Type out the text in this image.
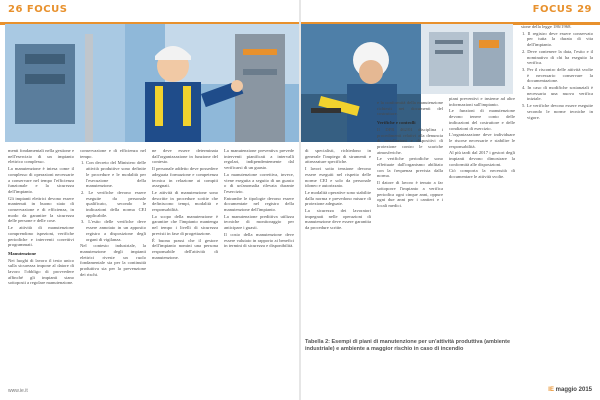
26 FOCUS	FOCUS 29

menti fondamentali nella gestione e nell'esercizio di un impianto elettrico complesso.

La manutenzione è intesa come il complesso di operazioni necessarie a conservare nel tempo l'efficienza funzionale e la sicurezza dell'impianto.

Gli impianti elettrici devono essere mantenuti in buono stato di conservazione e di efficienza, in modo da garantire la sicurezza delle persone e delle cose.

Le attività di manutenzione comprendono ispezioni, verifiche periodiche e interventi correttivi programmati.

Manutenzione

Nei luoghi di lavoro il testo unico sulla sicurezza impone al datore di lavoro l'obbligo di provvedere affinché gli impianti siano sottoposti a regolare manutenzione.

conservazione e di efficienza nel tempo.

1. Con decreto del Ministero delle attività produttive sono definite le procedure e le modalità per l'esecuzione della manutenzione.

2. Le verifiche devono essere eseguite da personale qualificato, secondo le indicazioni della norma CEI applicabile.

3. L'esito delle verifiche deve essere annotato in un apposito registro a disposizione degli organi di vigilanza.

Nel contesto industriale, la manutenzione degli impianti elettrici riveste un ruolo fondamentale sia per la continuità produttiva sia per la prevenzione dei rischi.

ne deve essere determinata dall'organizzazione in funzione del contesto.

Il personale addetto deve possedere adeguata formazione e competenza tecnica in relazione ai compiti assegnati.

Le attività di manutenzione sono descritte in procedure scritte che definiscono tempi, modalità e responsabilità.

Lo scopo della manutenzione è garantire che l'impianto mantenga nel tempo i livelli di sicurezza previsti in fase di progettazione.

È buona prassi che il gestore dell'impianto nomini una persona responsabile dell'attività di manutenzione.

La manutenzione preventiva prevede interventi pianificati a intervalli regolari, indipendentemente dal verificarsi di un guasto.

La manutenzione correttiva, invece, viene eseguita a seguito di un guasto o di un'anomalia rilevata durante l'esercizio.

Entrambe le tipologie devono essere documentate nel registro della manutenzione dell'impianto.

La manutenzione predittiva utilizza tecniche di monitoraggio per anticipare i guasti.

Il costo della manutenzione deve essere valutato in rapporto ai benefici in termini di sicurezza e disponibilità.

di specialisti, richiedono in generale l'impiego di strumenti e attrezzature specifiche.

I lavori sotto tensione devono essere eseguiti nel rispetto delle norme CEI e solo da personale idoneo e autorizzato.

Le modalità operative sono stabilite dalla norma e prevedono misure di protezione adeguate.

La sicurezza dei lavoratori impegnati nelle operazioni di manutenzione deve essere garantita da procedure scritte.

e la conformità della manutenzione richiesti nei documenti del costruttore.

Verifiche e controlli

Il DPR 462/01 disciplina i procedimenti relativi alla denuncia di installazioni e dispositivi di protezione contro le scariche atmosferiche.

Le verifiche periodiche sono effettuate dall'organismo abilitato con la frequenza prevista dalla norma.

Il datore di lavoro è tenuto a far sottoporre l'impianto a verifica periodica ogni cinque anni, oppure ogni due anni per i cantieri e i locali medici.

piani preventivi e insieme ad altre informazioni sull'impianto.

Le funzioni di manutenzione devono tenere conto delle indicazioni del costruttore e delle condizioni di esercizio.

L'organizzazione deve individuare le risorse necessarie e stabilire le responsabilità.

Al più tardi dal 2017 i gestori degli impianti devono dimostrare la conformità alle disposizioni.

Ciò comporta la necessità di documentare le attività svolte.

sione della legge 186/1968.

1. Il registro deve essere conservato per tutta la durata di vita dell'impianto.

2. Deve contenere la data, l'esito e il nominativo di chi ha eseguito la verifica.

3. Per il riscontro delle attività svolte è necessario conservare la documentazione.

4. In caso di modifiche sostanziali è necessaria una nuova verifica iniziale.

5. Le verifiche devono essere eseguite secondo le norme tecniche in vigore.

Tabella 2: Esempi di piani di manutenzione per un'attività produttiva (ambiente industriale) e ambiente a maggior rischio in caso di incendio
www.ie.it	IE maggio 2015
